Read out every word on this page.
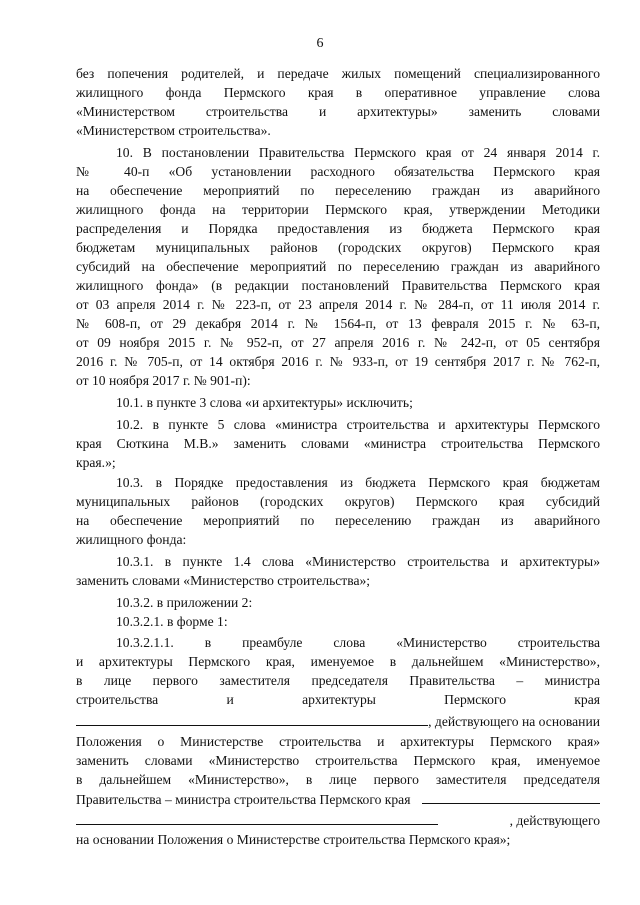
6
без попечения родителей, и передаче жилых помещений специализированного
жилищного фонда Пермского края в оперативное управление слова
«Министерством строительства и архитектуры» заменить словами
«Министерством строительства».
10. В постановлении Правительства Пермского края от 24 января 2014 г.
№ 40-п «Об установлении расходного обязательства Пермского края
на обеспечение мероприятий по переселению граждан из аварийного
жилищного фонда на территории Пермского края, утверждении Методики
распределения и Порядка предоставления из бюджета Пермского края
бюджетам муниципальных районов (городских округов) Пермского края
субсидий на обеспечение мероприятий по переселению граждан из аварийного
жилищного фонда» (в редакции постановлений Правительства Пермского края
от 03 апреля 2014 г. № 223-п, от 23 апреля 2014 г. № 284-п, от 11 июля 2014 г.
№ 608-п, от 29 декабря 2014 г. № 1564-п, от 13 февраля 2015 г. № 63-п,
от 09 ноября 2015 г. № 952-п, от 27 апреля 2016 г. № 242-п, от 05 сентября
2016 г. № 705-п, от 14 октября 2016 г. № 933-п, от 19 сентября 2017 г. № 762-п,
от 10 ноября 2017 г. № 901-п):
10.1. в пункте 3 слова «и архитектуры» исключить;
10.2. в пункте 5 слова «министра строительства и архитектуры Пермского
края Сюткина М.В.» заменить словами «министра строительства Пермского
края.»;
10.3. в Порядке предоставления из бюджета Пермского края бюджетам
муниципальных районов (городских округов) Пермского края субсидий
на обеспечение мероприятий по переселению граждан из аварийного
жилищного фонда:
10.3.1. в пункте 1.4 слова «Министерство строительства и архитектуры»
заменить словами «Министерство строительства»;
10.3.2. в приложении 2:
10.3.2.1. в форме 1:
10.3.2.1.1. в преамбуле слова «Министерство строительства
и архитектуры Пермского края, именуемое в дальнейшем «Министерство»,
в лице первого заместителя председателя Правительства – министра
строительства и архитектуры Пермского края
, действующего на основании
Положения о Министерстве строительства и архитектуры Пермского края»
заменить словами «Министерство строительства Пермского края, именуемое
в дальнейшем «Министерство», в лице первого заместителя председателя
Правительства – министра строительства Пермского края
, действующего
на основании Положения о Министерстве строительства Пермского края»;
